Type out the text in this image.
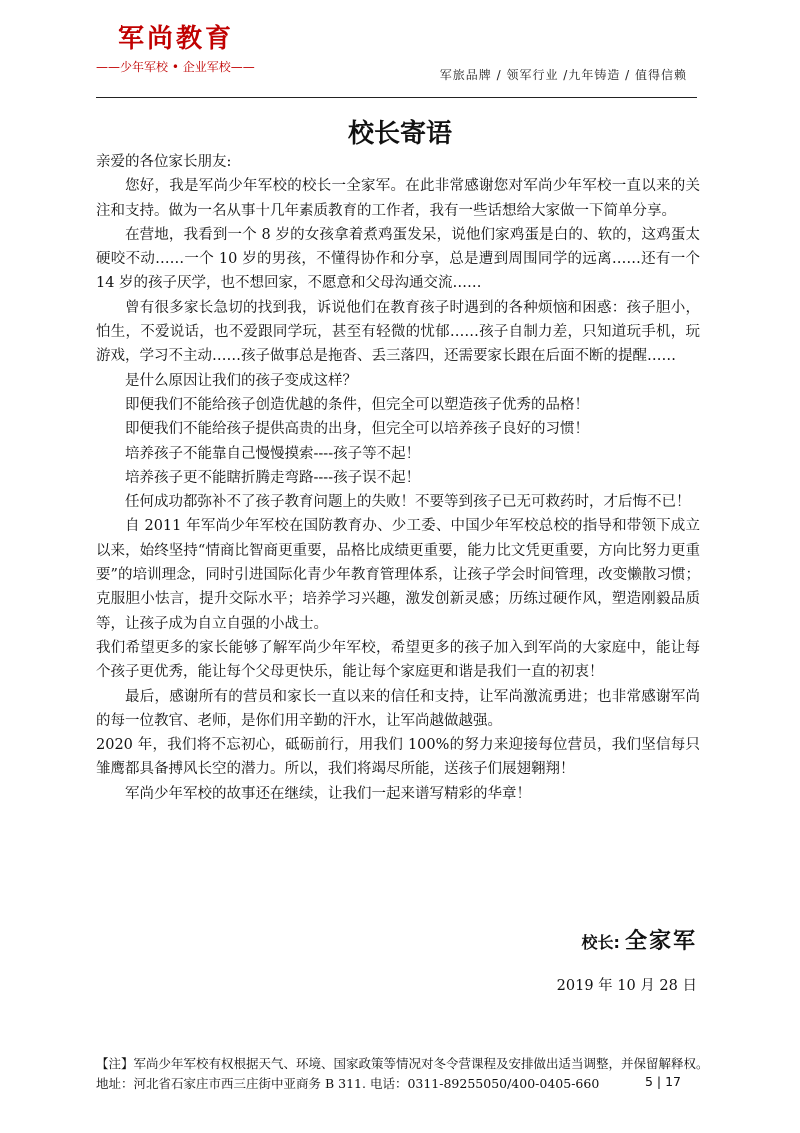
军尚教育
——少年军校 • 企业军校——
军旅品牌 / 领军行业 /九年铸造 / 值得信赖
校长寄语

亲爱的各位家长朋友:

您好，我是军尚少年军校的校长一全家军。在此非常感谢您对军尚少年军校一直以来的关注和支持。做为一名从事十几年素质教育的工作者，我有一些话想给大家做一下简单分享。

在营地，我看到一个 8 岁的女孩拿着煮鸡蛋发呆，说他们家鸡蛋是白的、软的，这鸡蛋太硬咬不动……一个 10 岁的男孩，不懂得协作和分享，总是遭到周围同学的远离……还有一个 14 岁的孩子厌学，也不想回家，不愿意和父母沟通交流……

曾有很多家长急切的找到我，诉说他们在教育孩子时遇到的各种烦恼和困惑：孩子胆小，怕生，不爱说话，也不爱跟同学玩，甚至有轻微的忧郁……孩子自制力差，只知道玩手机，玩游戏，学习不主动……孩子做事总是拖沓、丢三落四，还需要家长跟在后面不断的提醒……

是什么原因让我们的孩子变成这样？

即便我们不能给孩子创造优越的条件，但完全可以塑造孩子优秀的品格！

即便我们不能给孩子提供高贵的出身，但完全可以培养孩子良好的习惯！

培养孩子不能靠自己慢慢摸索----孩子等不起！

培养孩子更不能瞎折腾走弯路----孩子误不起！

任何成功都弥补不了孩子教育问题上的失败！不要等到孩子已无可救药时，才后悔不已！

自 2011 年军尚少年军校在国防教育办、少工委、中国少年军校总校的指导和带领下成立以来，始终坚持“情商比智商更重要，品格比成绩更重要，能力比文凭更重要，方向比努力更重要”的培训理念，同时引进国际化青少年教育管理体系，让孩子学会时间管理，改变懒散习惯；克服胆小怯言，提升交际水平；培养学习兴趣，激发创新灵感；历练过硬作风，塑造刚毅品质等，让孩子成为自立自强的小战士。

我们希望更多的家长能够了解军尚少年军校，希望更多的孩子加入到军尚的大家庭中，能让每个孩子更优秀，能让每个父母更快乐，能让每个家庭更和谐是我们一直的初衷！

最后，感谢所有的营员和家长一直以来的信任和支持，让军尚激流勇进；也非常感谢军尚的每一位教官、老师，是你们用辛勤的汗水，让军尚越做越强。

2020 年，我们将不忘初心，砥砺前行，用我们 100%的努力来迎接每位营员，我们坚信每只雏鹰都具备搏风长空的潜力。所以，我们将竭尽所能，送孩子们展翅翱翔！

军尚少年军校的故事还在继续，让我们一起来谱写精彩的华章！

校长: 全家军
2019 年 10 月 28 日
【注】军尚少年军校有权根据天气、环境、国家政策等情况对冬令营课程及安排做出适当调整，并保留解释权。
地址：河北省石家庄市西三庄街中亚商务 B 311. 电话：0311-89255050/400-0405-660	5 | 17
